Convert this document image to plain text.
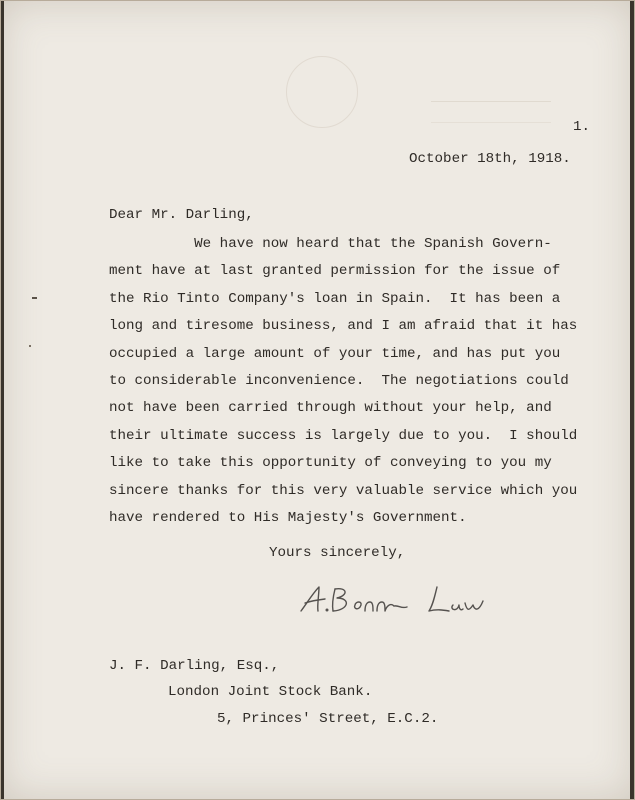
1.

October 18th, 1918.

Dear Mr. Darling,

We have now heard that the Spanish Govern-

ment have at last granted permission for the issue of

the Rio Tinto Company's loan in Spain.  It has been a

long and tiresome business, and I am afraid that it has

occupied a large amount of your time, and has put you

to considerable inconvenience.  The negotiations could

not have been carried through without your help, and

their ultimate success is largely due to you.  I should

like to take this opportunity of conveying to you my

sincere thanks for this very valuable service which you

have rendered to His Majesty's Government.

Yours sincerely,

J. F. Darling, Esq.,

London Joint Stock Bank.

5, Princes' Street, E.C.2.
